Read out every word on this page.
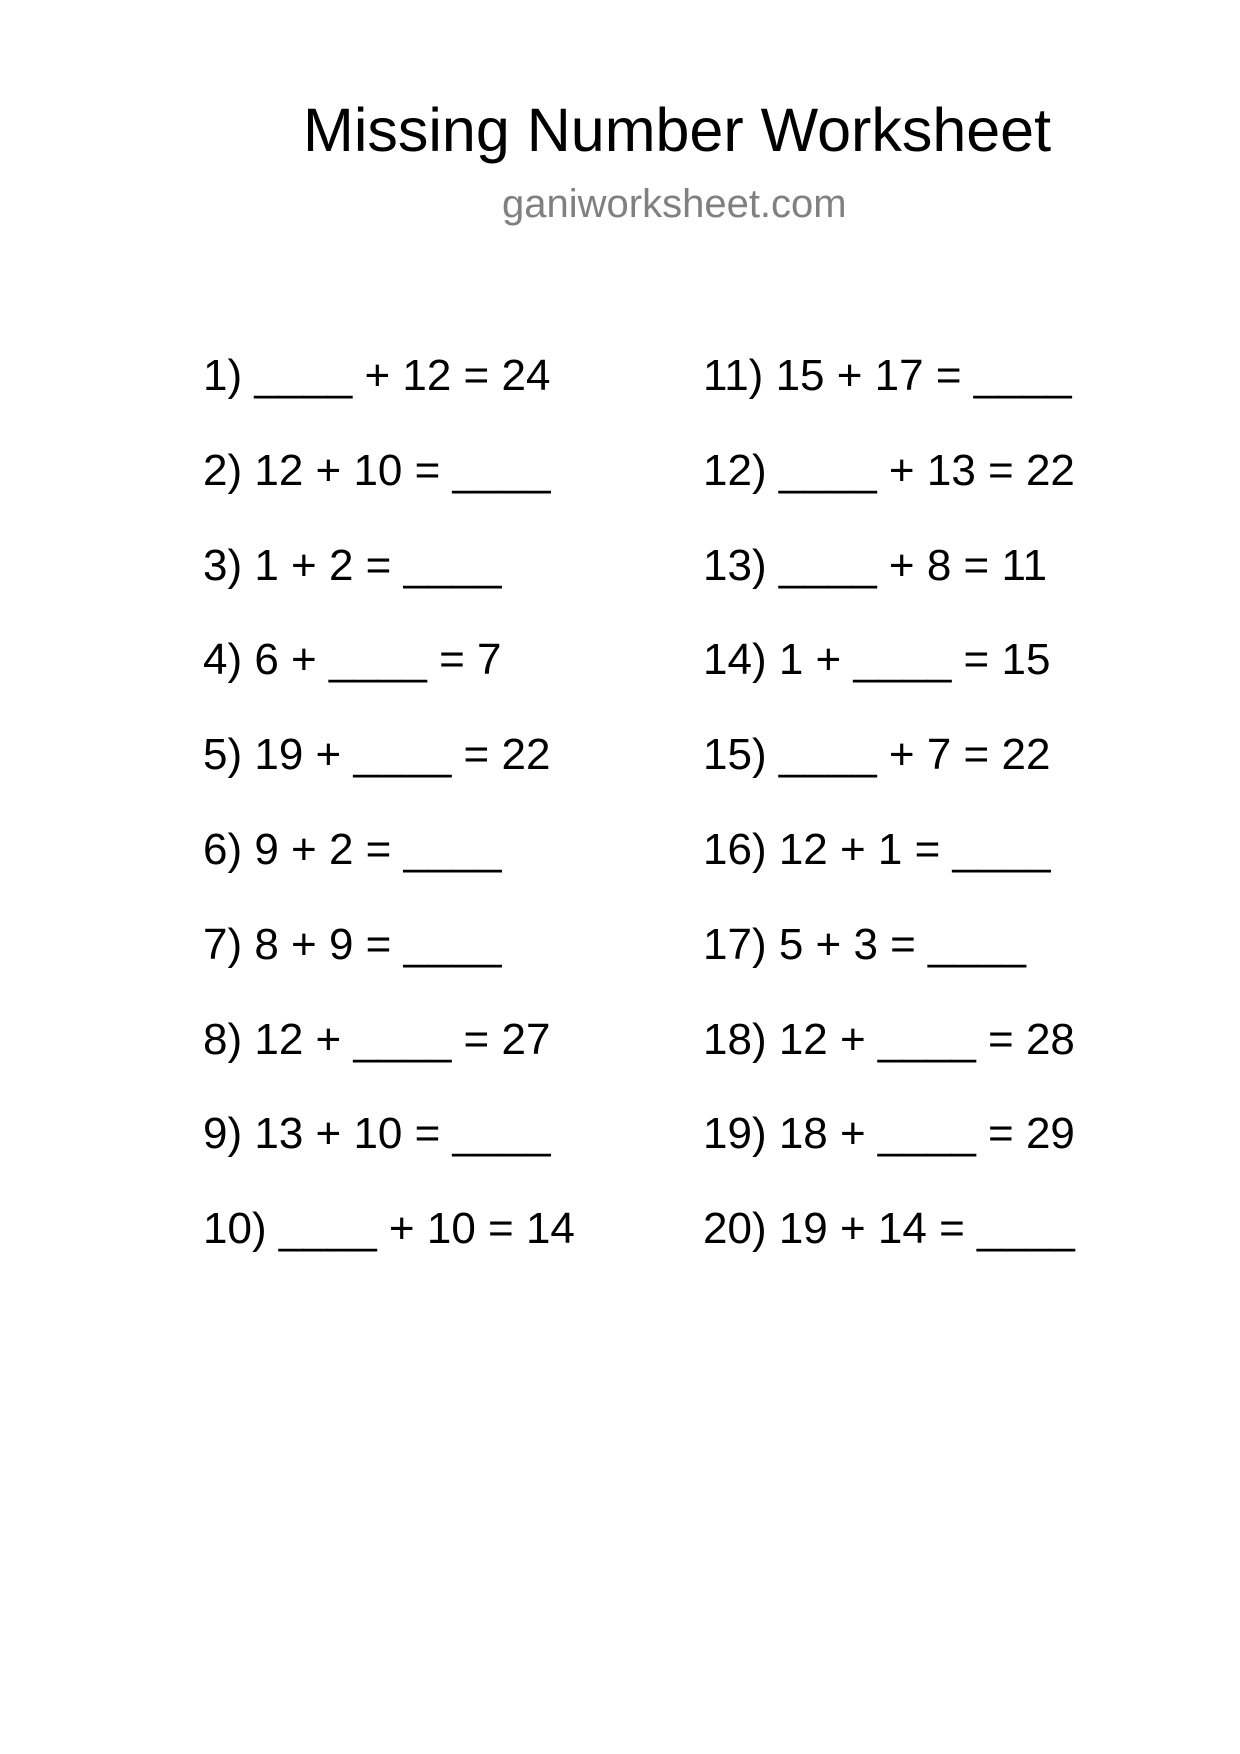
Missing Number Worksheet
ganiworksheet.com
1) ____ + 12 = 24
2) 12 + 10 = ____
3) 1 + 2 = ____
4) 6 + ____ = 7
5) 19 + ____ = 22
6) 9 + 2 = ____
7) 8 + 9 = ____
8) 12 + ____ = 27
9) 13 + 10 = ____
10) ____ + 10 = 14
11) 15 + 17 = ____
12) ____ + 13 = 22
13) ____ + 8 = 11
14) 1 + ____ = 15
15) ____ + 7 = 22
16) 12 + 1 = ____
17) 5 + 3 = ____
18) 12 + ____ = 28
19) 18 + ____ = 29
20) 19 + 14 = ____
